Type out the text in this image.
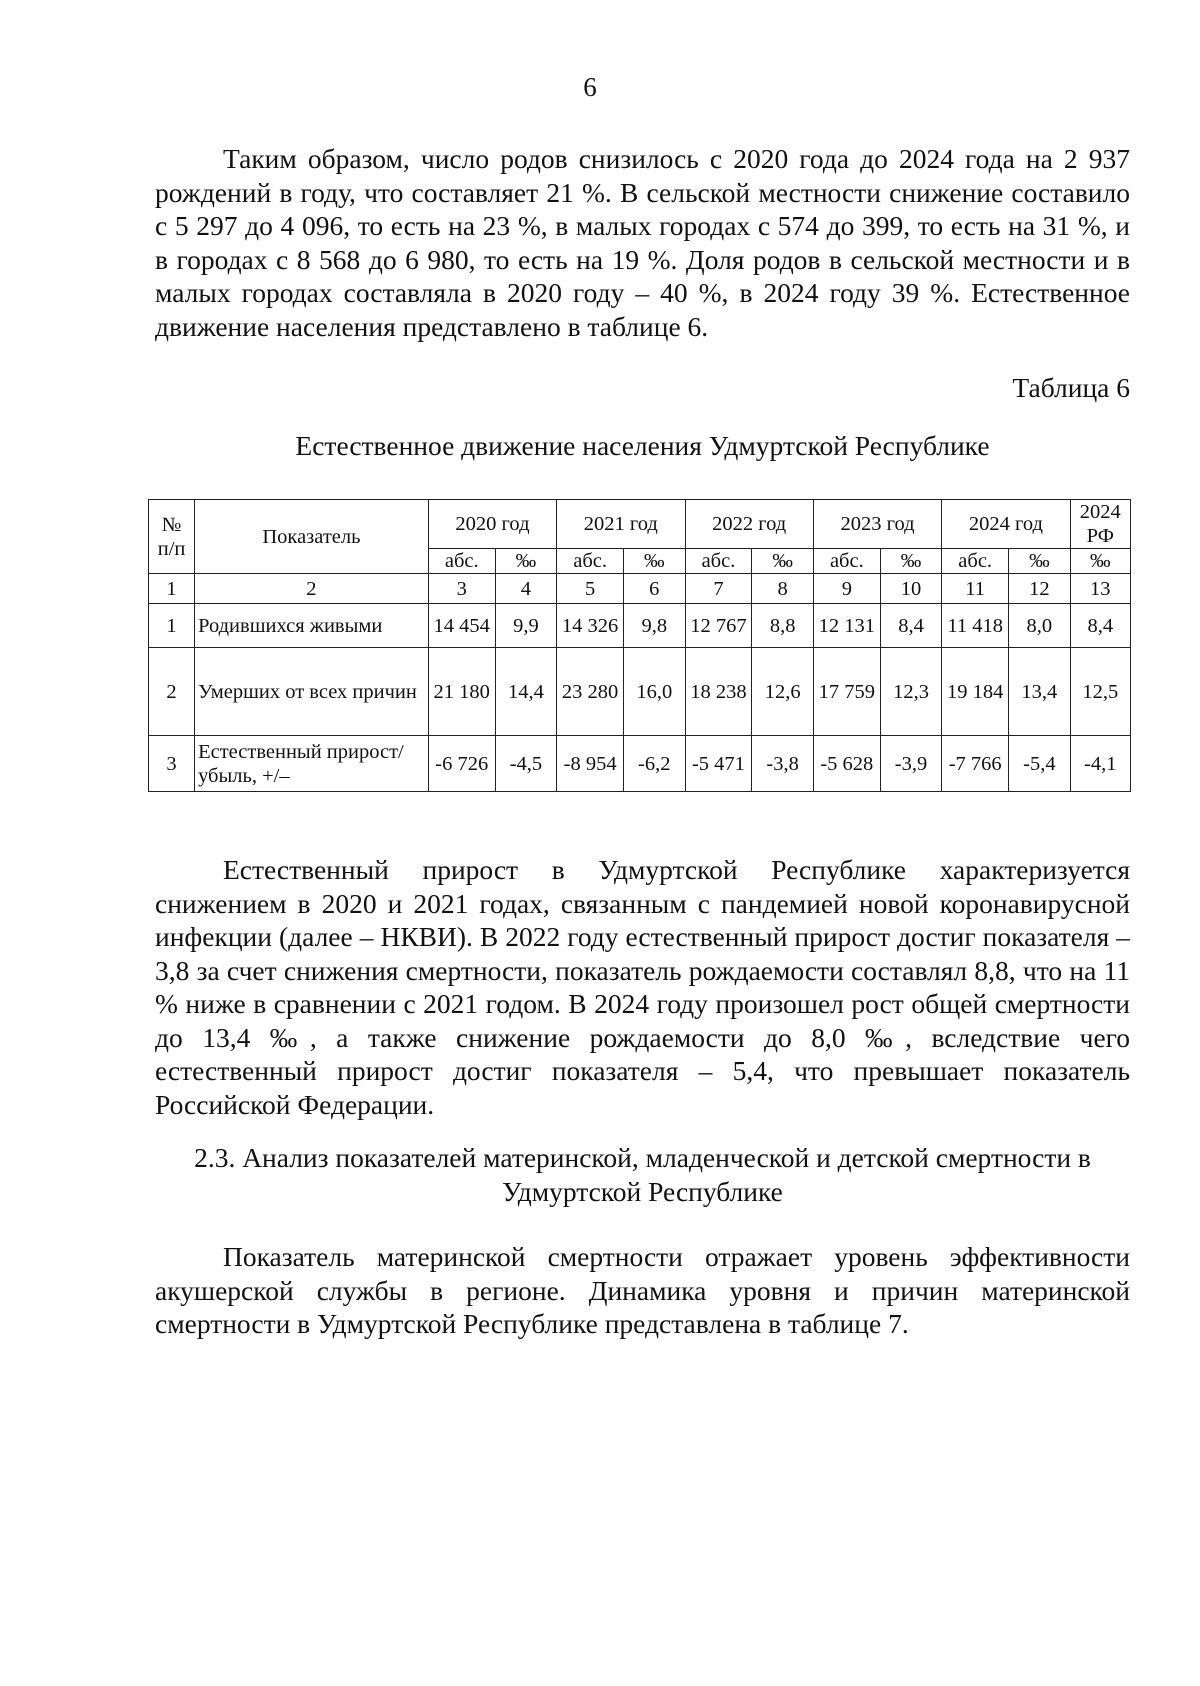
6

Таким образом, число родов снизилось с 2020 года до 2024 года на 2 937 рождений в году, что составляет 21 %. В сельской местности снижение составило с 5 297 до 4 096, то есть на 23 %, в малых городах с 574 до 399, то есть на 31 %, и в городах с 8 568 до 6 980, то есть на 19 %. Доля родов в сельской местности и в малых городах составляла в 2020 году – 40 %, в 2024 году 39 %. Естественное движение населения представлено в таблице 6.

Таблица 6
Естественное движение населения Удмуртской Республике
№ п/п	Показатель	2020 год		2021 год		2022 год		2023 год		2024 год		2024 РФ
		абс.	‰	абс.	‰	абс.	‰	абс.	‰	абс.	‰	‰
1	2	3	4	5	6	7	8	9	10	11	12	13
1	Родившихся живыми	14 454	9,9	14 326	9,8	12 767	8,8	12 131	8,4	11 418	8,0	8,4
2	Умерших от всех причин	21 180	14,4	23 280	16,0	18 238	12,6	17 759	12,3	19 184	13,4	12,5
3	Естественный прирост/убыль, +/–	-6 726	-4,5	-8 954	-6,2	-5 471	-3,8	-5 628	-3,9	-7 766	-5,4	-4,1

Естественный прирост в Удмуртской Республике характеризуется снижением в 2020 и 2021 годах, связанным с пандемией новой коронавирусной инфекции (далее – НКВИ). В 2022 году естественный прирост достиг показателя – 3,8 за счет снижения смертности, показатель рождаемости составлял 8,8, что на 11 % ниже в сравнении с 2021 годом. В 2024 году произошел рост общей смертности до 13,4 ‰, а также снижение рождаемости до 8,0 ‰, вследствие чего естественный прирост достиг показателя – 5,4, что превышает показатель Российской Федерации.

2.3. Анализ показателей материнской, младенческой и детской смертности в Удмуртской Республике

Показатель материнской смертности отражает уровень эффективности акушерской службы в регионе. Динамика уровня и причин материнской смертности в Удмуртской Республике представлена в таблице 7.
